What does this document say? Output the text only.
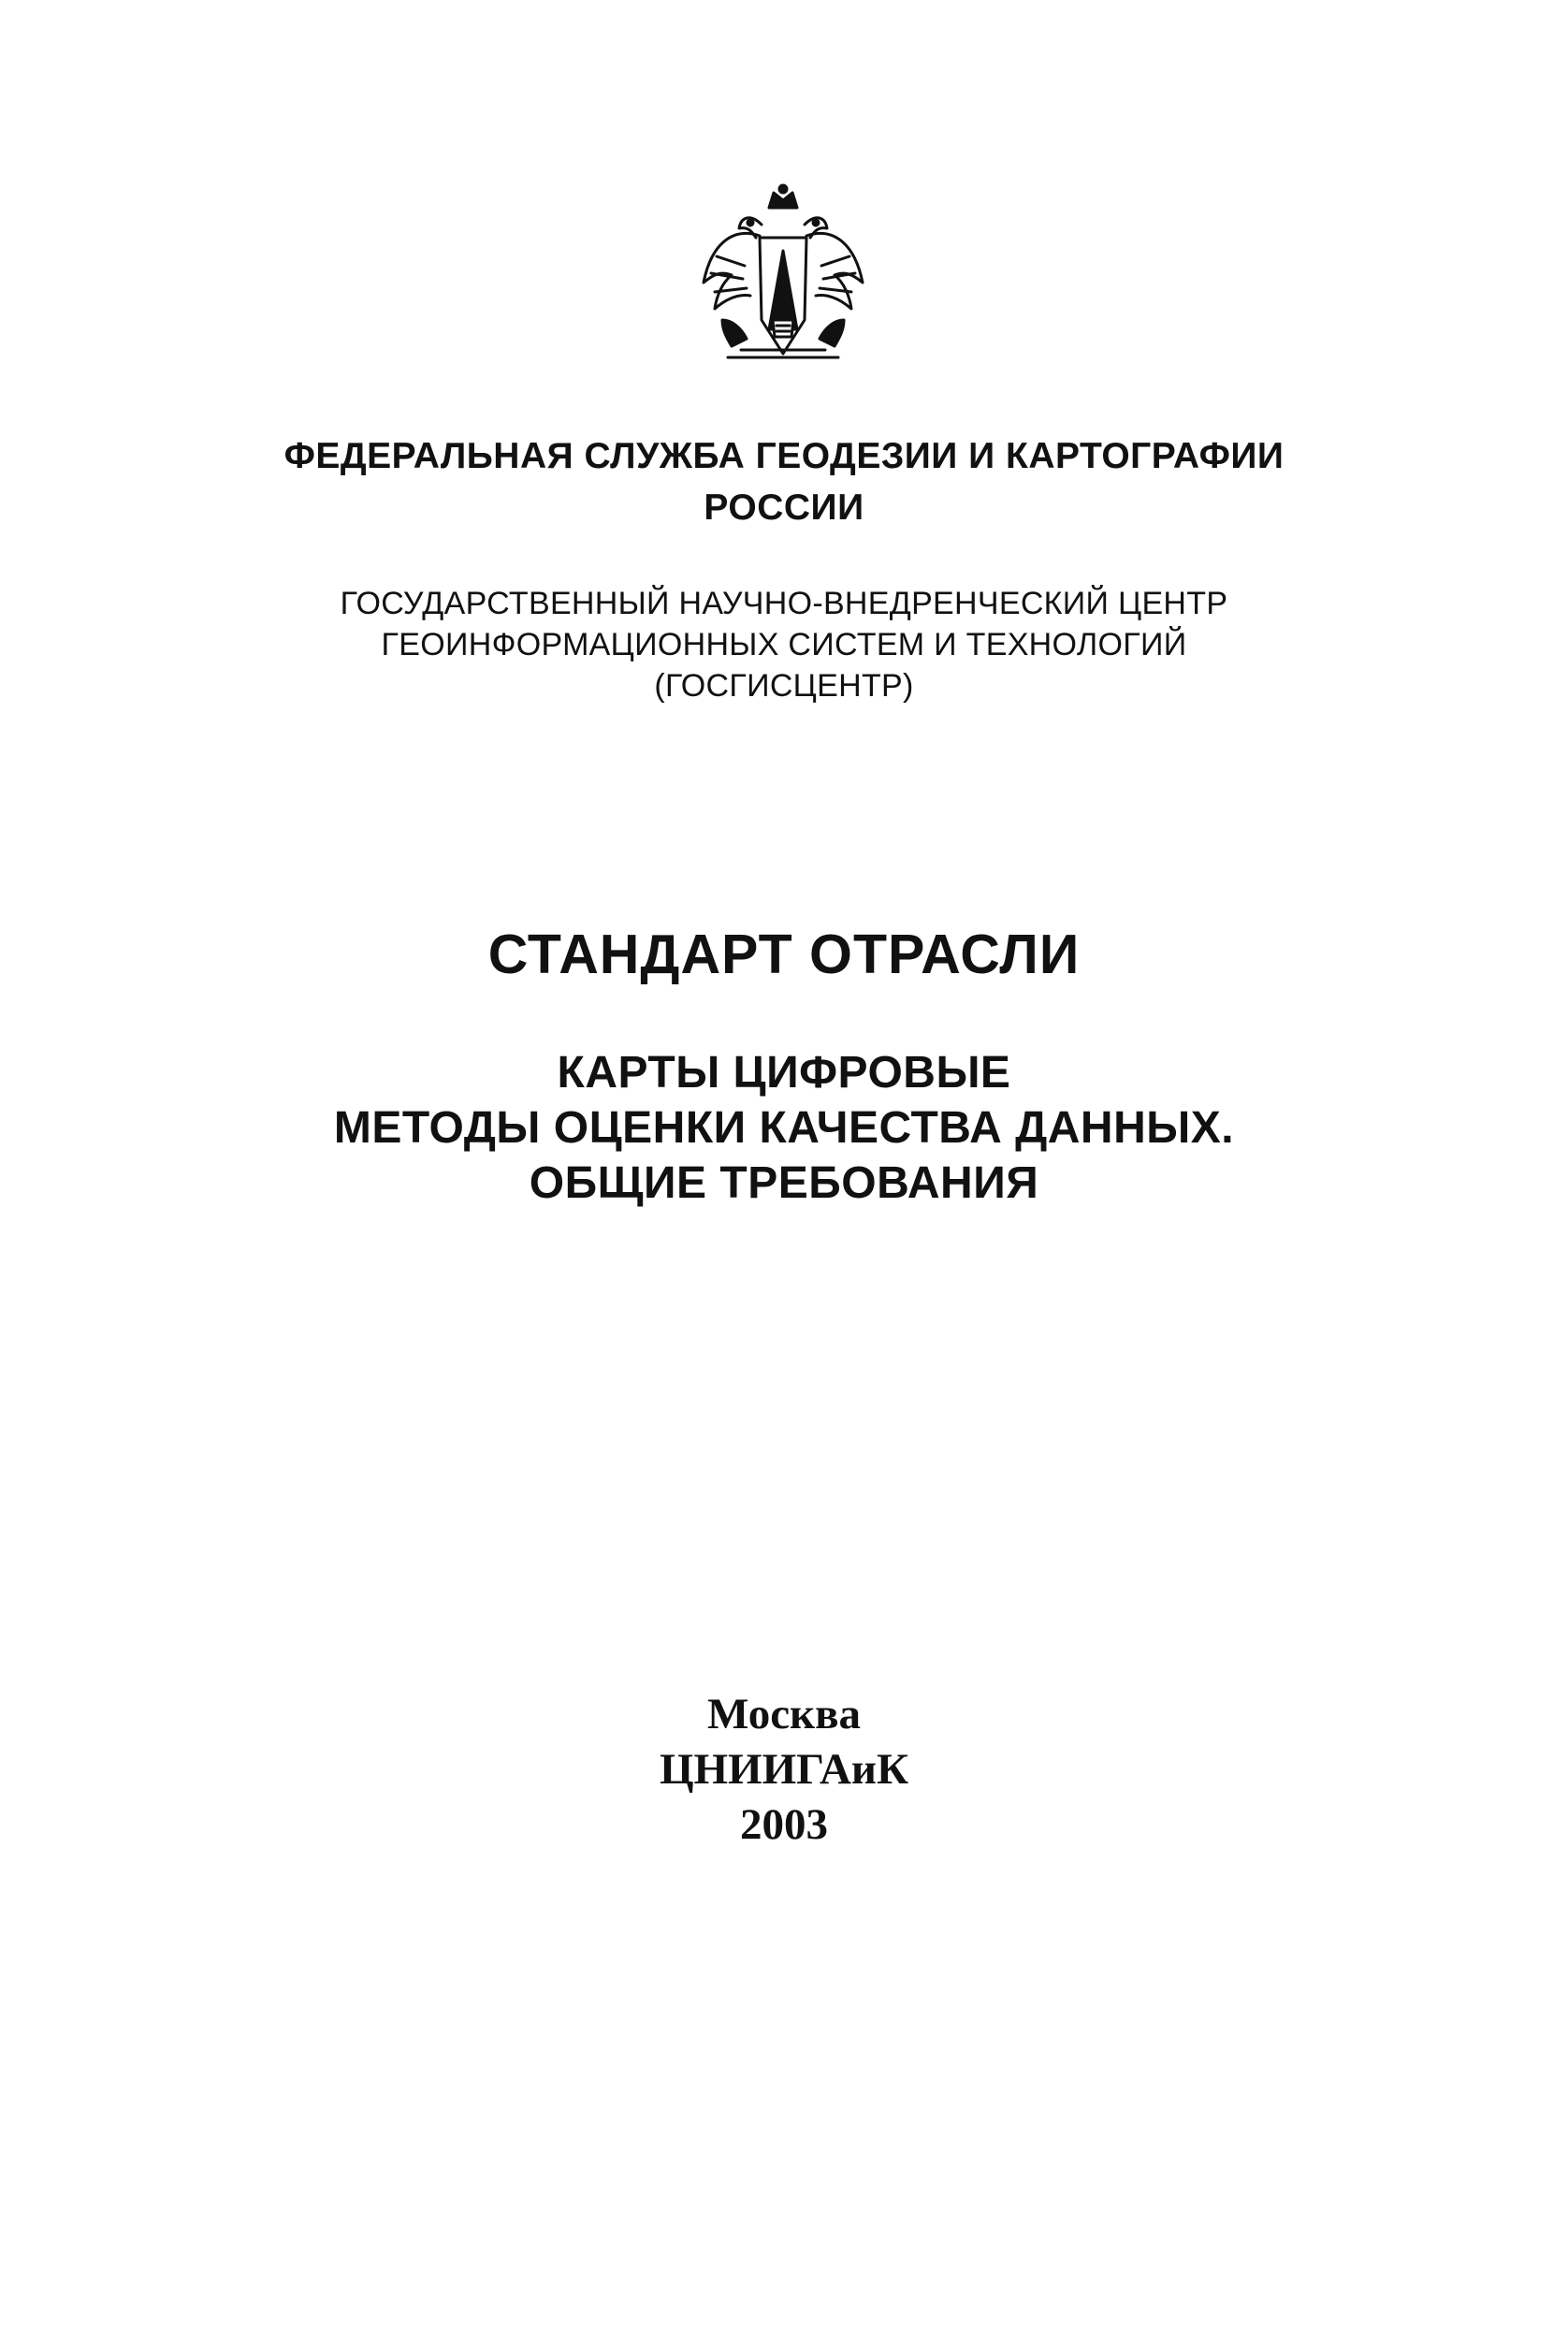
ФЕДЕРАЛЬНАЯ СЛУЖБА ГЕОДЕЗИИ И КАРТОГРАФИИ
РОССИИ
ГОСУДАРСТВЕННЫЙ НАУЧНО-ВНЕДРЕНЧЕСКИЙ ЦЕНТР
ГЕОИНФОРМАЦИОННЫХ СИСТЕМ И ТЕХНОЛОГИЙ
(ГОСГИСЦЕНТР)
СТАНДАРТ ОТРАСЛИ
КАРТЫ ЦИФРОВЫЕ
МЕТОДЫ ОЦЕНКИ КАЧЕСТВА ДАННЫХ.
ОБЩИЕ ТРЕБОВАНИЯ
Москва
ЦНИИГАиК
2003
